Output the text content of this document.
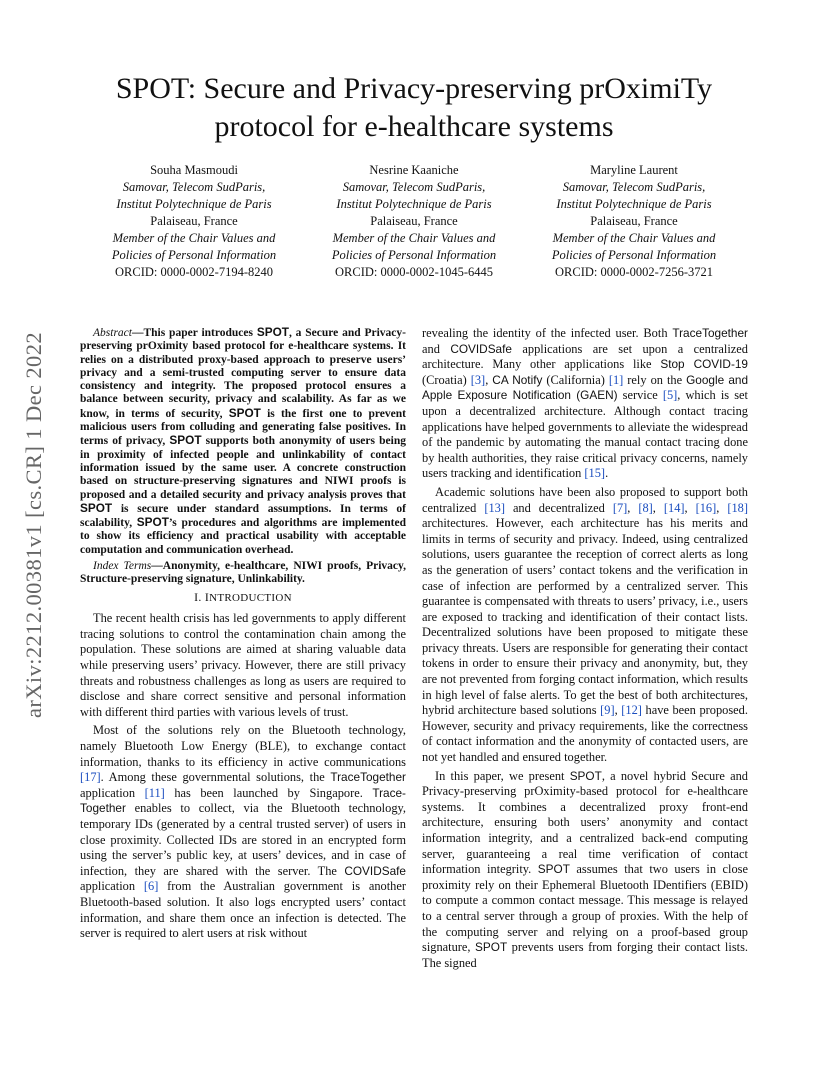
arXiv:2212.00381v1 [cs.CR] 1 Dec 2022
SPOT: Secure and Privacy-preserving prOximiTy
protocol for e-healthcare systems
Souha Masmoudi
Samovar, Telecom SudParis,
Institut Polytechnique de Paris
Palaiseau, France
Member of the Chair Values and
Policies of Personal Information
ORCID: 0000-0002-7194-8240
Nesrine Kaaniche
Samovar, Telecom SudParis,
Institut Polytechnique de Paris
Palaiseau, France
Member of the Chair Values and
Policies of Personal Information
ORCID: 0000-0002-1045-6445
Maryline Laurent
Samovar, Telecom SudParis,
Institut Polytechnique de Paris
Palaiseau, France
Member of the Chair Values and
Policies of Personal Information
ORCID: 0000-0002-7256-3721

Abstract—This paper introduces SPOT, a Secure and Privacy-preserving prOximity based protocol for e-healthcare systems. It relies on a distributed proxy-based approach to preserve users’ privacy and a semi-trusted computing server to ensure data consistency and integrity. The proposed protocol ensures a balance between security, privacy and scalability. As far as we know, in terms of security, SPOT is the first one to prevent malicious users from colluding and generating false positives. In terms of privacy, SPOT supports both anonymity of users being in proximity of infected people and unlinkability of contact information issued by the same user. A concrete construction based on structure-preserving signatures and NIWI proofs is proposed and a detailed security and privacy analysis proves that SPOT is secure under standard assumptions. In terms of scalability, SPOT’s procedures and algorithms are implemented to show its efficiency and practical usability with acceptable computation and communication overhead.

Index Terms—Anonymity, e-healthcare, NIWI proofs, Privacy, Structure-preserving signature, Unlinkability.

I. INTRODUCTION

The recent health crisis has led governments to apply different tracing solutions to control the contamination chain among the population. These solutions are aimed at sharing valuable data while preserving users’ privacy. However, there are still privacy threats and robustness challenges as long as users are required to disclose and share correct sensitive and personal information with different third parties with various levels of trust.

Most of the solutions rely on the Bluetooth technology, namely Bluetooth Low Energy (BLE), to exchange contact information, thanks to its efficiency in active communications [17]. Among these governmental solutions, the TraceTogether application [11] has been launched by Singapore. Trace-Together enables to collect, via the Bluetooth technology, temporary IDs (generated by a central trusted server) of users in close proximity. Collected IDs are stored in an encrypted form using the server’s public key, at users’ devices, and in case of infection, they are shared with the server. The COVIDSafe application [6] from the Australian government is another Bluetooth-based solution. It also logs encrypted users’ contact information, and share them once an infection is detected. The server is required to alert users at risk without

revealing the identity of the infected user. Both TraceTogether and COVIDSafe applications are set upon a centralized architecture. Many other applications like Stop COVID-19 (Croatia) [3], CA Notify (California) [1] rely on the Google and Apple Exposure Notification (GAEN) service [5], which is set upon a decentralized architecture. Although contact tracing applications have helped governments to alleviate the widespread of the pandemic by automating the manual contact tracing done by health authorities, they raise critical privacy concerns, namely users tracking and identification [15].

Academic solutions have been also proposed to support both centralized [13] and decentralized [7], [8], [14], [16], [18] architectures. However, each architecture has his merits and limits in terms of security and privacy. Indeed, using centralized solutions, users guarantee the reception of correct alerts as long as the generation of users’ contact tokens and the verification in case of infection are performed by a centralized server. This guarantee is compensated with threats to users’ privacy, i.e., users are exposed to tracking and identification of their contact lists. Decentralized solutions have been proposed to mitigate these privacy threats. Users are responsible for generating their contact tokens in order to ensure their privacy and anonymity, but, they are not prevented from forging contact information, which results in high level of false alerts. To get the best of both architectures, hybrid architecture based solutions [9], [12] have been proposed. However, security and privacy requirements, like the correctness of contact information and the anonymity of contacted users, are not yet handled and ensured together.

In this paper, we present SPOT, a novel hybrid Secure and Privacy-preserving prOximity-based protocol for e-healthcare systems. It combines a decentralized proxy front-end architecture, ensuring both users’ anonymity and contact information integrity, and a centralized back-end computing server, guaranteeing a real time verification of contact information integrity. SPOT assumes that two users in close proximity rely on their Ephemeral Bluetooth IDentifiers (EBID) to compute a common contact message. This message is relayed to a central server through a group of proxies. With the help of the computing server and relying on a proof-based group signature, SPOT prevents users from forging their contact lists. The signed
